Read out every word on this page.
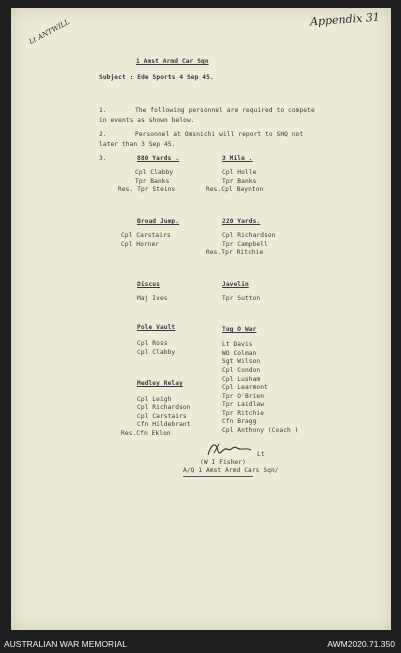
Appendix 31
Lt ANTWILL
1 Amst Armd Car Sqn
Subject : Ede Sports 4 Sep 45.
1.	The following personnel are required to compete
in events as shown below.
2.	Personnel at Omsnichi will report to SHQ not
later than 3 Sep 45.
3.	880 Yards .
Cpl Clabby
Tpr Banks
Res. Tpr Steins
3 Mile .
Cpl Holle
Tpr Banks
Res.Cpl Baynton
Broad Jump.
Cpl Carstairs
Cpl Horner
220 Yards.
Cpl Richardson
Tpr Campbell
Res.Tpr Ritchie
Discus
Maj Ives
Javelin
Tpr Sutton
Pole Vault
Cpl Ross
Cpl Clabby
Tug O War
Lt Davis
WO Colman
Sgt Wilson
Cpl Condon
Cpl Lusham
Cpl Learmont
Tpr O'Brien
Tpr Laidlaw
Tpr Ritchie
Cfn Bragg
Cpl Anthony (Coach )
Medley Relay
Cpl Leigh
Cpl Richardson
Cpl Carstairs
Cfn Hildebrant
Res.Cfn Eklon
Lt
(W I Fisher)
A/Q 1 Amst Armd Cars Sqn/
AUSTRALIAN WAR MEMORIAL	AWM2020.71.350
